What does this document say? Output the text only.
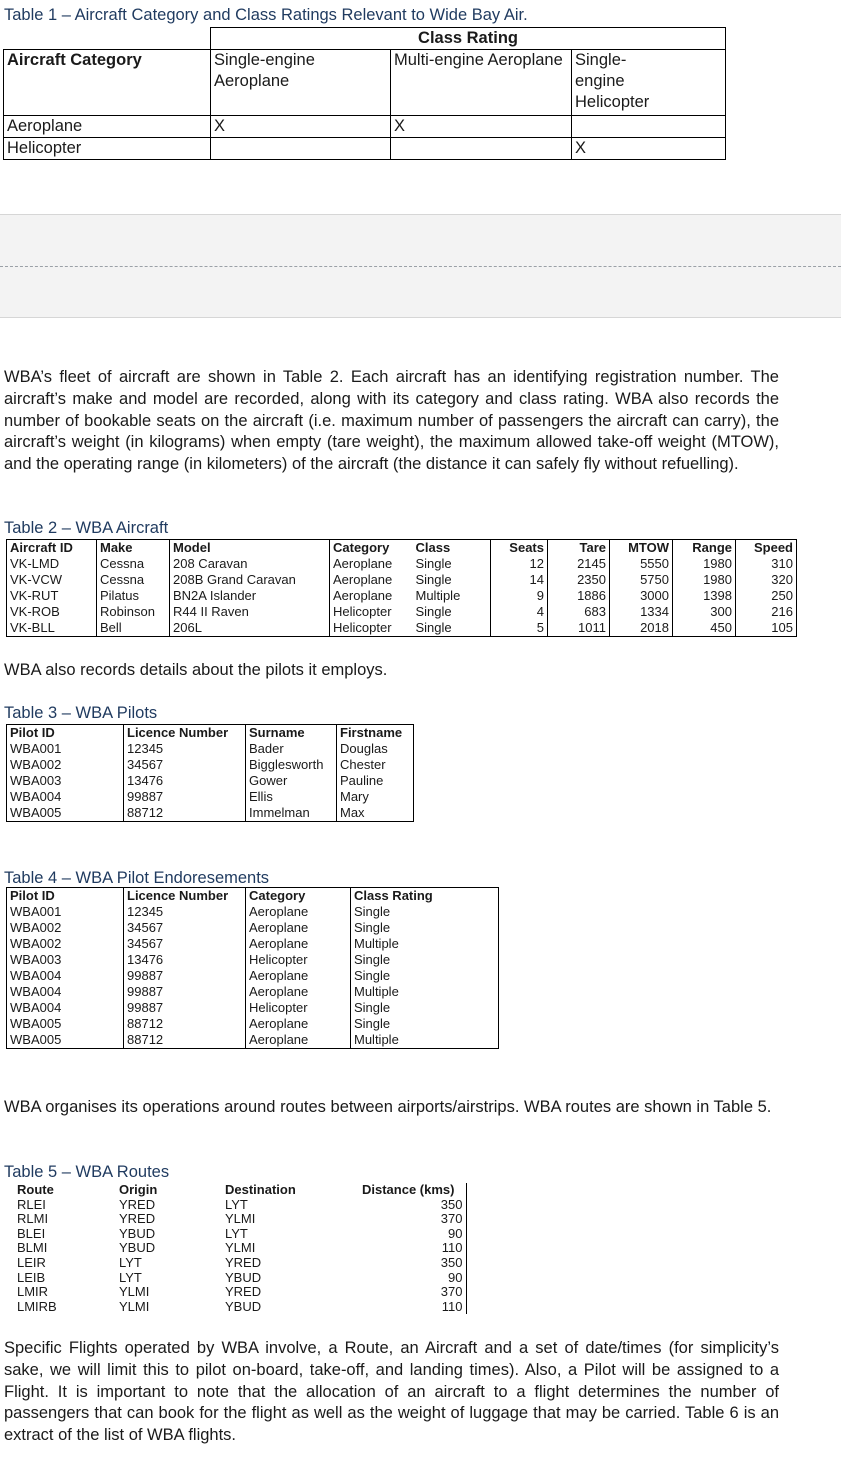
Table 1 – Aircraft Category and Class Ratings Relevant to Wide Bay Air.
	Class Rating		
Aircraft Category	Single-engine Aeroplane	Multi-engine Aeroplane	Single-
engine
Helicopter

Aeroplane	X	X	
Helicopter			X
WBA’s fleet of aircraft are shown in Table 2. Each aircraft has an identifying registration number. The aircraft’s make and model are recorded, along with its category and class rating. WBA also records the number of bookable seats on the aircraft (i.e. maximum number of passengers the aircraft can carry), the aircraft’s weight (in kilograms) when empty (tare weight), the maximum allowed take-off weight (MTOW), and the operating range (in kilometers) of the aircraft (the distance it can safely fly without refuelling).
Table 2 – WBA Aircraft
Aircraft ID	Make	Model	Category	Class	Seats	Tare	MTOW	Range	Speed
VK-LMD	Cessna	208 Caravan	Aeroplane	Single	12	2145	5550	1980	310
VK-VCW	Cessna	208B Grand Caravan	Aeroplane	Single	14	2350	5750	1980	320
VK-RUT	Pilatus	BN2A Islander	Aeroplane	Multiple	9	1886	3000	1398	250
VK-ROB	Robinson	R44 II Raven	Helicopter	Single	4	683	1334	300	216
VK-BLL	Bell	206L	Helicopter	Single	5	1011	2018	450	105
WBA also records details about the pilots it employs.
Table 3 – WBA Pilots
Pilot ID	Licence Number	Surname	Firstname
WBA001	12345	Bader	Douglas
WBA002	34567	Bigglesworth	Chester
WBA003	13476	Gower	Pauline
WBA004	99887	Ellis	Mary
WBA005	88712	Immelman	Max
Table 4 – WBA Pilot Endoresements
Pilot ID	Licence Number	Category	Class Rating
WBA001	12345	Aeroplane	Single
WBA002	34567	Aeroplane	Single
WBA002	34567	Aeroplane	Multiple
WBA003	13476	Helicopter	Single
WBA004	99887	Aeroplane	Single
WBA004	99887	Aeroplane	Multiple
WBA004	99887	Helicopter	Single
WBA005	88712	Aeroplane	Single
WBA005	88712	Aeroplane	Multiple
WBA organises its operations around routes between airports/airstrips. WBA routes are shown in Table 5.
Table 5 – WBA Routes
Route	Origin	Destination	Distance (kms)
RLEI	YRED	LYT	350
RLMI	YRED	YLMI	370
BLEI	YBUD	LYT	90
BLMI	YBUD	YLMI	110
LEIR	LYT	YRED	350
LEIB	LYT	YBUD	90
LMIR	YLMI	YRED	370
LMIRB	YLMI	YBUD	110
Specific Flights operated by WBA involve, a Route, an Aircraft and a set of date/times (for simplicity’s sake, we will limit this to pilot on-board, take-off, and landing times). Also, a Pilot will be assigned to a Flight. It is important to note that the allocation of an aircraft to a flight determines the number of passengers that can book for the flight as well as the weight of luggage that may be carried. Table 6 is an extract of the list of WBA flights.
